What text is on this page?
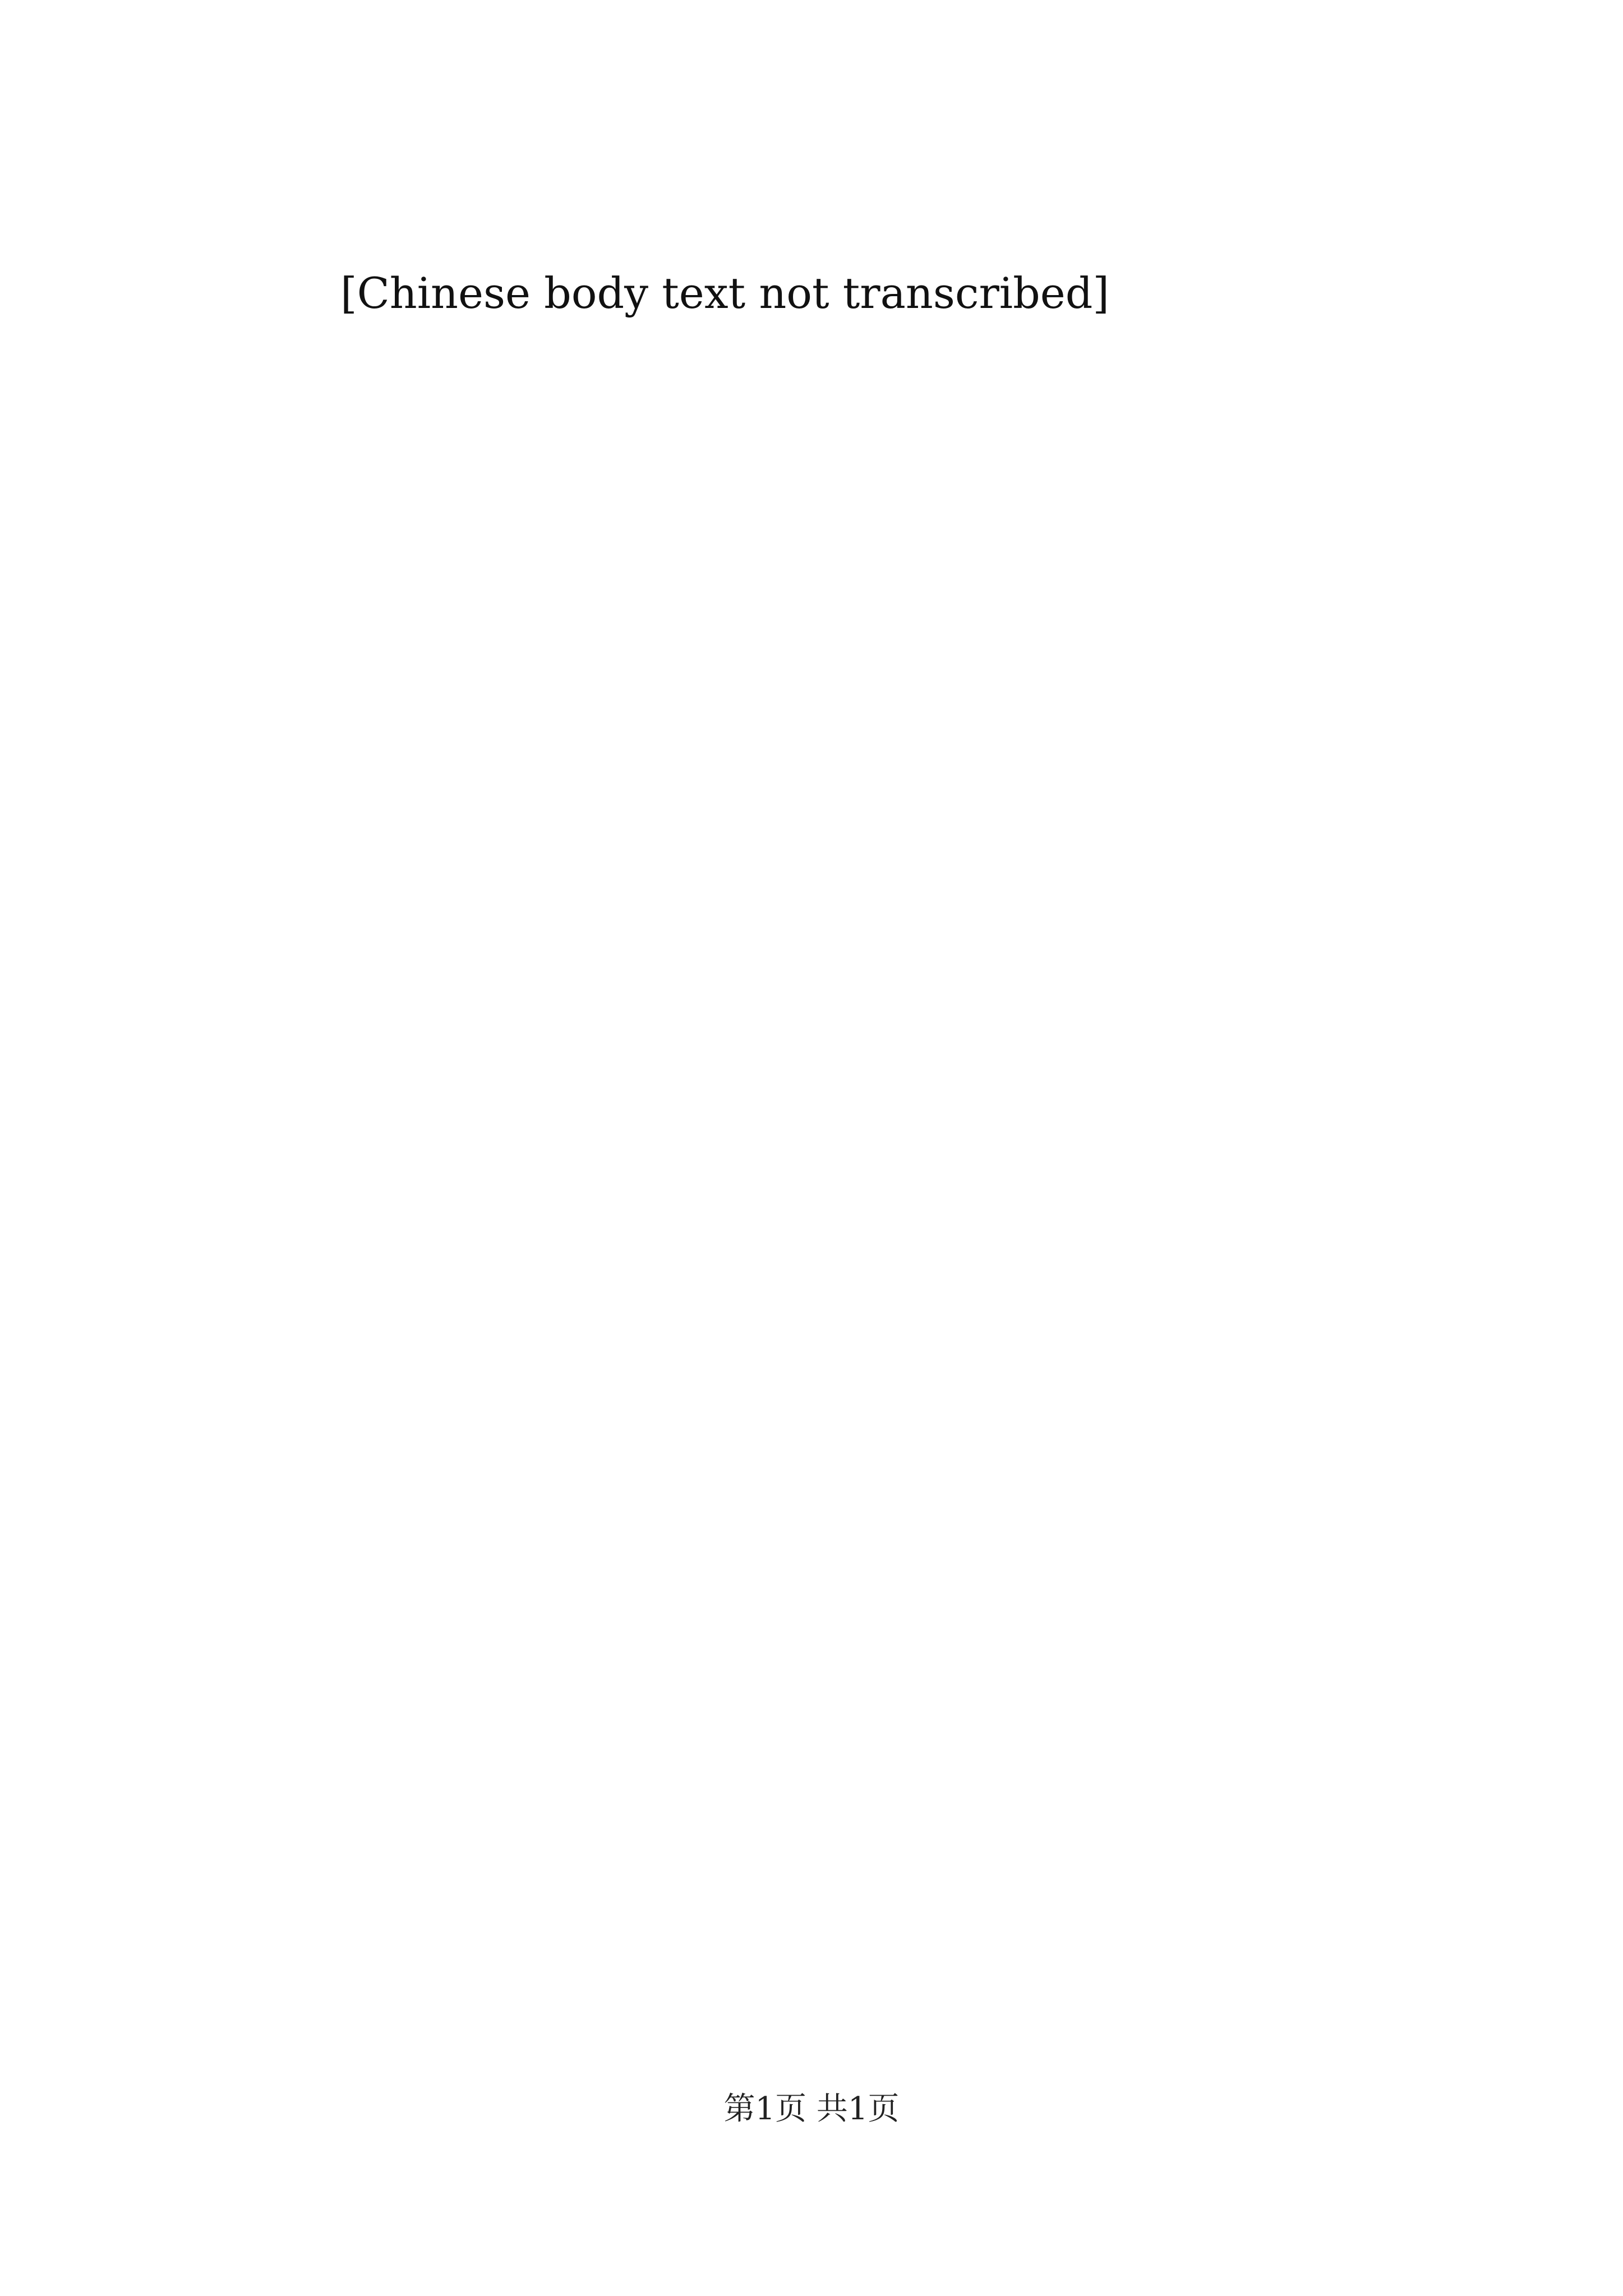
[Chinese body text not transcribed]

第1页 共1页
